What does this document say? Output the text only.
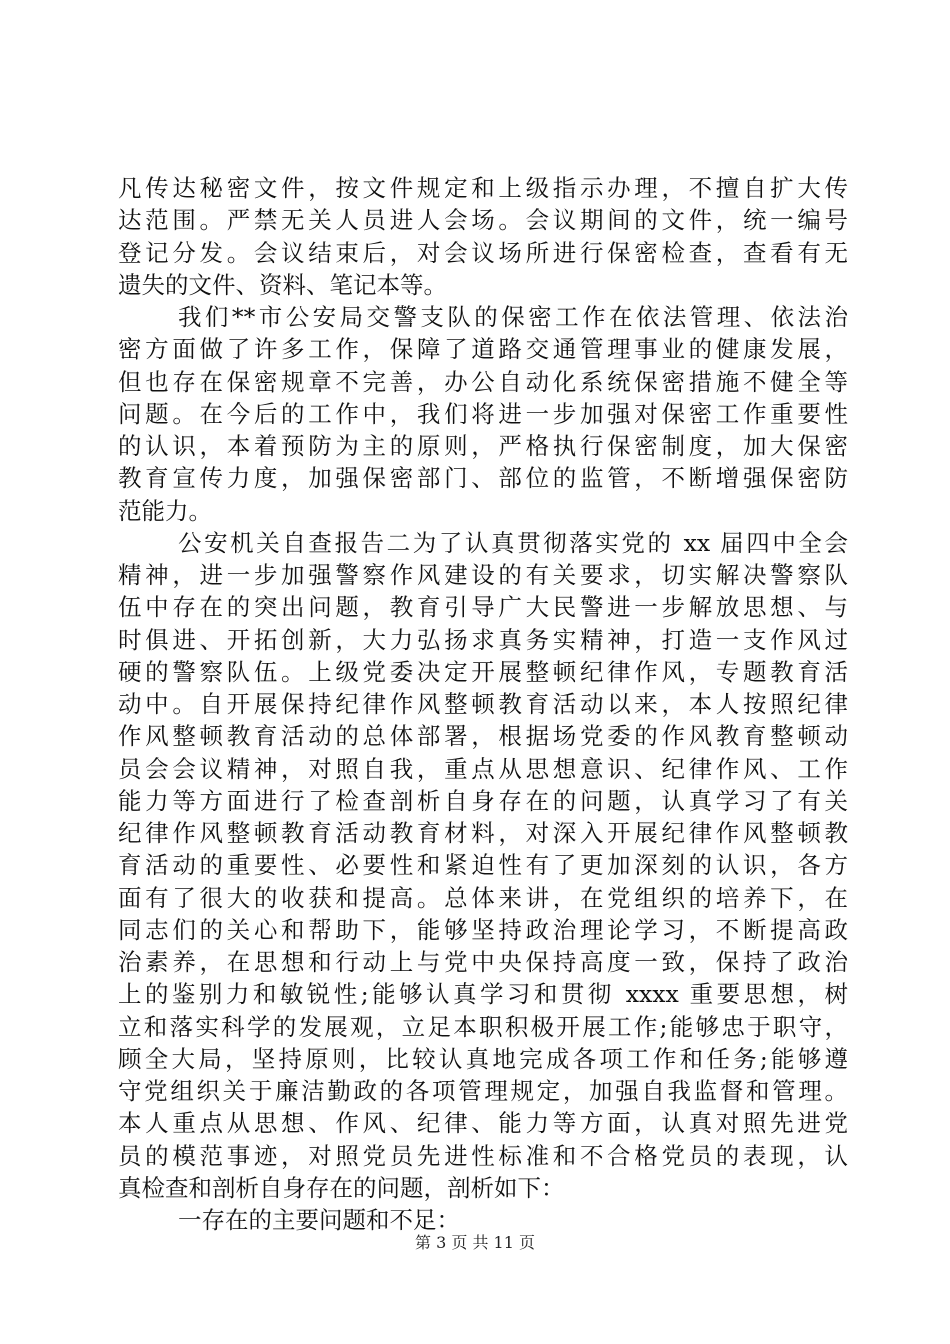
凡传达秘密文件，按文件规定和上级指示办理，不擅自扩大传
达范围。严禁无关人员进人会场。会议期间的文件，统一编号
登记分发。会议结束后，对会议场所进行保密检查，查看有无
遗失的文件、资料、笔记本等。
我们**市公安局交警支队的保密工作在依法管理、依法治
密方面做了许多工作，保障了道路交通管理事业的健康发展，
但也存在保密规章不完善，办公自动化系统保密措施不健全等
问题。在今后的工作中，我们将进一步加强对保密工作重要性
的认识，本着预防为主的原则，严格执行保密制度，加大保密
教育宣传力度，加强保密部门、部位的监管，不断增强保密防
范能力。
公安机关自查报告二为了认真贯彻落实党的 xx 届四中全会
精神，进一步加强警察作风建设的有关要求，切实解决警察队
伍中存在的突出问题，教育引导广大民警进一步解放思想、与
时俱进、开拓创新，大力弘扬求真务实精神，打造一支作风过
硬的警察队伍。上级党委决定开展整顿纪律作风，专题教育活
动中。自开展保持纪律作风整顿教育活动以来，本人按照纪律
作风整顿教育活动的总体部署，根据场党委的作风教育整顿动
员会会议精神，对照自我，重点从思想意识、纪律作风、工作
能力等方面进行了检查剖析自身存在的问题，认真学习了有关
纪律作风整顿教育活动教育材料，对深入开展纪律作风整顿教
育活动的重要性、必要性和紧迫性有了更加深刻的认识，各方
面有了很大的收获和提高。总体来讲，在党组织的培养下，在
同志们的关心和帮助下，能够坚持政治理论学习，不断提高政
治素养，在思想和行动上与党中央保持高度一致，保持了政治
上的鉴别力和敏锐性;能够认真学习和贯彻 xxxx 重要思想，树
立和落实科学的发展观，立足本职积极开展工作;能够忠于职守，
顾全大局，坚持原则，比较认真地完成各项工作和任务;能够遵
守党组织关于廉洁勤政的各项管理规定，加强自我监督和管理。
本人重点从思想、作风、纪律、能力等方面，认真对照先进党
员的模范事迹，对照党员先进性标准和不合格党员的表现，认
真检查和剖析自身存在的问题，剖析如下：
一存在的主要问题和不足：
第 3 页 共 11 页
